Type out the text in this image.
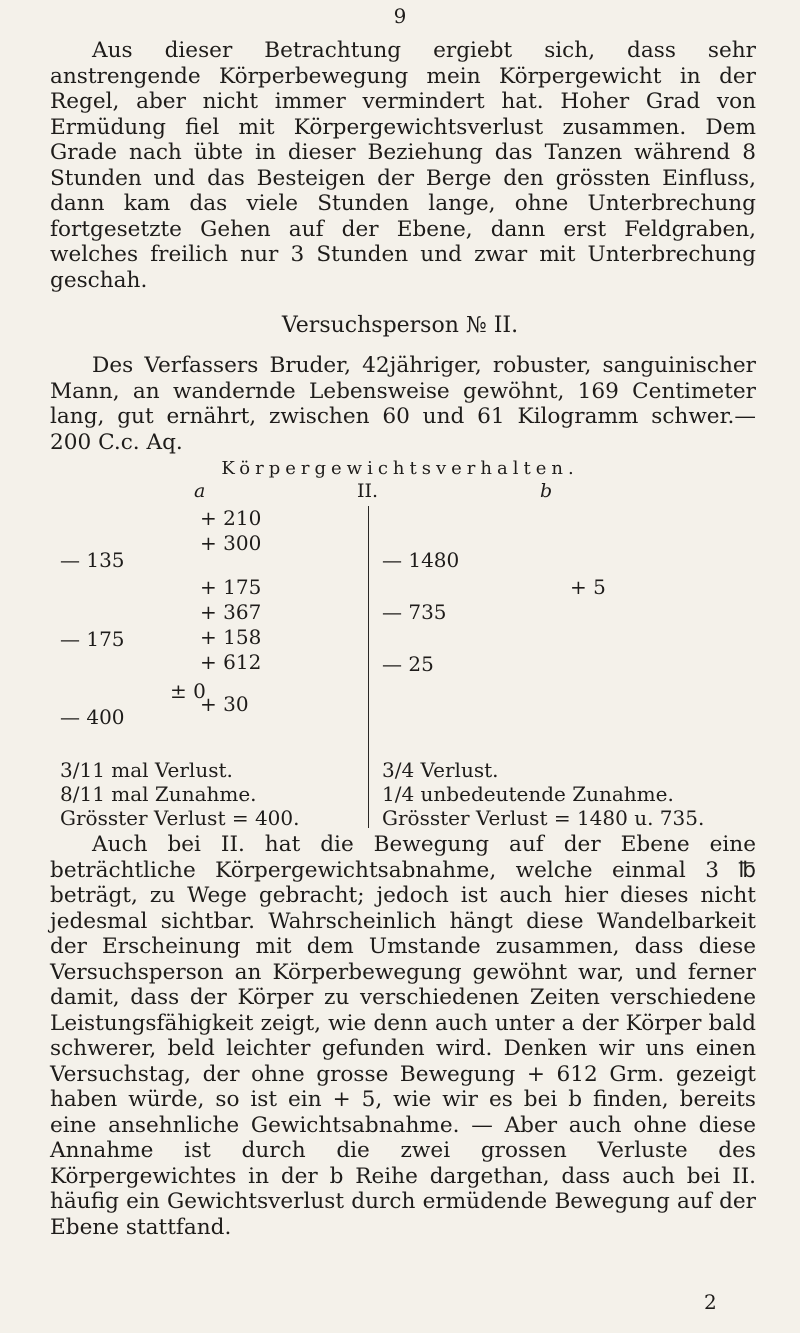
9

Aus dieser Betrachtung ergiebt sich, dass sehr anstrengende Körperbewegung mein Körpergewicht in der Regel, aber nicht immer vermindert hat. Hoher Grad von Ermüdung fiel mit Körpergewichtsverlust zusammen. Dem Grade nach übte in dieser Beziehung das Tanzen während 8 Stunden und das Besteigen der Berge den grössten Einfluss, dann kam das viele Stunden lange, ohne Unterbrechung fortgesetzte Gehen auf der Ebene, dann erst Feldgraben, welches freilich nur 3 Stunden und zwar mit Unterbrechung geschah.

Versuchsperson № II.

Des Verfassers Bruder, 42jähriger, robuster, sanguinischer Mann, an wandernde Lebensweise gewöhnt, 169 Centimeter lang, gut ernährt, zwischen 60 und 61 Kilogramm schwer.— 200 C.c. Aq.

Körpergewichtsverhalten.
a	II.	b
— 135
— 175
— 400
± 0
+ 210
+ 300
+ 175
+ 367
+ 158
+ 612
+ 30
— 1480
— 735
— 25
+ 5
3/11 mal Verlust.
8/11 mal Zunahme.
Grösster Verlust = 400.
3/4 Verlust.
1/4 unbedeutende Zunahme.
Grösster Verlust = 1480 u. 735.

Auch bei II. hat die Bewegung auf der Ebene eine beträchtliche Körpergewichtsabnahme, welche einmal 3 ℔ beträgt, zu Wege gebracht; jedoch ist auch hier dieses nicht jedesmal sichtbar. Wahrscheinlich hängt diese Wandelbarkeit der Erscheinung mit dem Umstande zusammen, dass diese Versuchsperson an Körperbewegung gewöhnt war, und ferner damit, dass der Körper zu verschiedenen Zeiten verschiedene Leistungsfähigkeit zeigt, wie denn auch unter a der Körper bald schwerer, beld leichter gefunden wird. Denken wir uns einen Versuchstag, der ohne grosse Bewegung + 612 Grm. gezeigt haben würde, so ist ein + 5, wie wir es bei b finden, bereits eine ansehnliche Gewichtsabnahme. — Aber auch ohne diese Annahme ist durch die zwei grossen Verluste des Körpergewichtes in der b Reihe dargethan, dass auch bei II. häufig ein Gewichtsverlust durch ermüdende Bewegung auf der Ebene stattfand.

2
